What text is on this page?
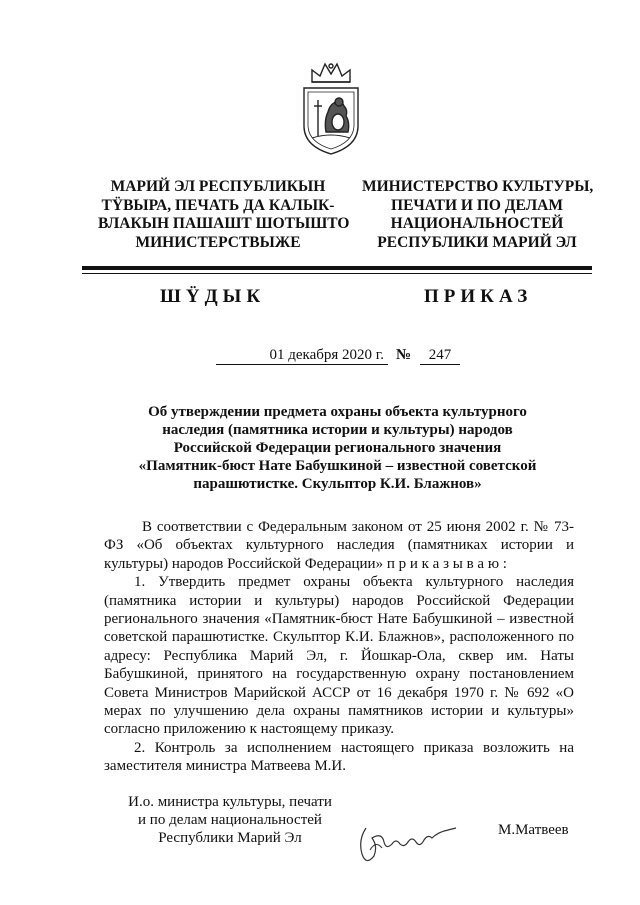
МАРИЙ ЭЛ РЕСПУБЛИКЫН
ТŸВЫРА, ПЕЧАТЬ ДА КАЛЫК-
ВЛАКЫН ПАШАШТ ШОТЫШТО
МИНИСТЕРСТВЫЖЕ
МИНИСТЕРСТВО КУЛЬТУРЫ,
ПЕЧАТИ И ПО ДЕЛАМ
НАЦИОНАЛЬНОСТЕЙ
РЕСПУБЛИКИ МАРИЙ ЭЛ
ШŸДЫК	ПРИКАЗ
01 декабря 2020 г. №	247
Об утверждении предмета охраны объекта культурного
наследия (памятника истории и культуры) народов
Российской Федерации регионального значения
«Памятник-бюст Нате Бабушкиной – известной советской
парашютистке. Скульптор К.И. Блажнов»

В соответствии с Федеральным законом от 25 июня 2002 г. № 73-ФЗ «Об объектах культурного наследия (памятниках истории и культуры) народов Российской Федерации» п р и к а з ы в а ю :

1. Утвердить предмет охраны объекта культурного наследия (памятника истории и культуры) народов Российской Федерации регионального значения «Памятник-бюст Нате Бабушкиной – известной советской парашютистке. Скульптор К.И. Блажнов», расположенного по адресу: Республика Марий Эл, г. Йошкар-Ола, сквер им. Наты Бабушкиной, принятого на государственную охрану постановлением Совета Министров Марийской АССР от 16 декабря 1970 г. № 692 «О мерах по улучшению дела охраны памятников истории и культуры» согласно приложению к настоящему приказу.

2. Контроль за исполнением настоящего приказа возложить на заместителя министра Матвеева М.И.

И.о. министра культуры, печати
и по делам национальностей
Республики Марий Эл	М.Матвеев
